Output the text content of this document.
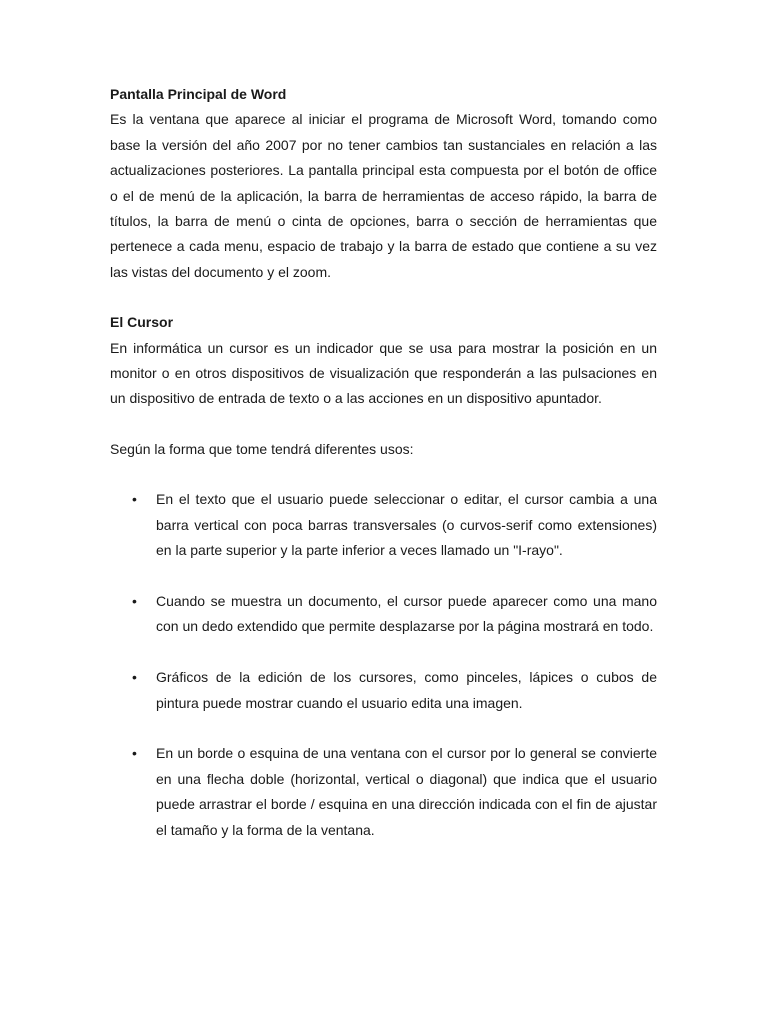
Pantalla Principal de Word

Es la ventana que aparece al iniciar el programa de Microsoft Word, tomando como base la versión del año 2007 por no tener cambios tan sustanciales en relación a las actualizaciones posteriores. La pantalla principal esta compuesta por el botón de office o el de menú de la aplicación, la barra de herramientas de acceso rápido, la barra de títulos, la barra de menú o cinta de opciones, barra o sección de herramientas que pertenece a cada menu, espacio de trabajo y la barra de estado que contiene a su vez las vistas del documento y el zoom.

El Cursor

En informática un cursor es un indicador que se usa para mostrar la posición en un monitor o en otros dispositivos de visualización que responderán a las pulsaciones en un dispositivo de entrada de texto o a las acciones en un dispositivo apuntador.

Según la forma que tome tendrá diferentes usos:

• En el texto que el usuario puede seleccionar o editar, el cursor cambia a una barra vertical con poca barras transversales (o curvos-serif como extensiones) en la parte superior y la parte inferior a veces llamado un "I-rayo".
• Cuando se muestra un documento, el cursor puede aparecer como una mano con un dedo extendido que permite desplazarse por la página mostrará en todo.
• Gráficos de la edición de los cursores, como pinceles, lápices o cubos de pintura puede mostrar cuando el usuario edita una imagen.
• En un borde o esquina de una ventana con el cursor por lo general se convierte en una flecha doble (horizontal, vertical o diagonal) que indica que el usuario puede arrastrar el borde / esquina en una dirección indicada con el fin de ajustar el tamaño y la forma de la ventana.
